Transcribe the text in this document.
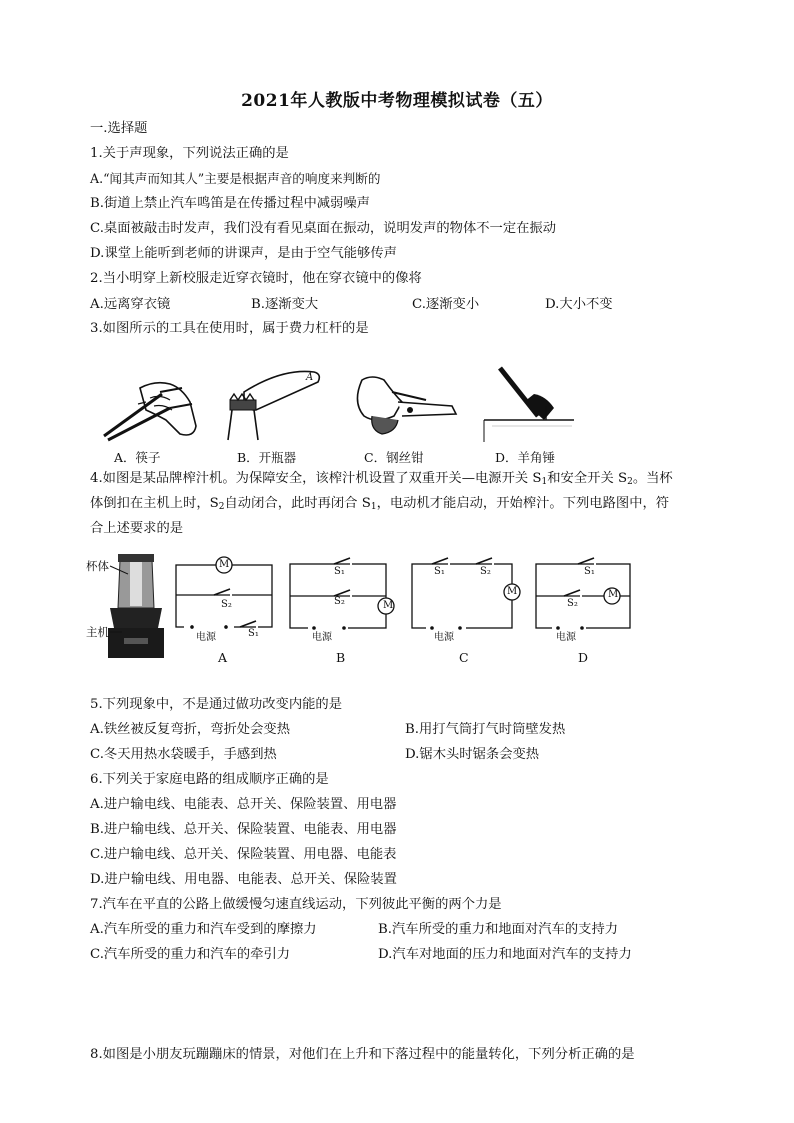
2021年人教版中考物理模拟试卷（五）
一.选择题
1.关于声现象，下列说法正确的是
A.“闻其声而知其人”主要是根据声音的响度来判断的
B.街道上禁止汽车鸣笛是在传播过程中减弱噪声
C.桌面被敲击时发声，我们没有看见桌面在振动，说明发声的物体不一定在振动
D.课堂上能听到老师的讲课声，是由于空气能够传声
2.当小明穿上新校服走近穿衣镜时，他在穿衣镜中的像将
A.远离穿衣镜	B.逐渐变大	C.逐渐变小	D.大小不变
3.如图所示的工具在使用时，属于费力杠杆的是
A
A．筷子	B．开瓶器	C．钢丝钳	D．羊角锤
4.如图是某品牌榨汁机。为保障安全，该榨汁机设置了双重开关—电源开关 $S_1$和安全开关 $S_2$。当杯
体倒扣在主机上时，$S_2$自动闭合，此时再闭合 $S_1$，电动机才能启动，开始榨汁。下列电路图中，符
合上述要求的是
杯体
主机
M
S₂
电源	S₁
S₁
S₂	M
电源
S₁	S₂
M
电源
S₁
S₂
M
电源
A	B	C	D
5.下列现象中，不是通过做功改变内能的是
A.铁丝被反复弯折，弯折处会变热	B.用打气筒打气时筒壁发热
C.冬天用热水袋暖手，手感到热	D.锯木头时锯条会变热
6.下列关于家庭电路的组成顺序正确的是
A.进户输电线、电能表、总开关、保险装置、用电器
B.进户输电线、总开关、保险装置、电能表、用电器
C.进户输电线、总开关、保险装置、用电器、电能表
D.进户输电线、用电器、电能表、总开关、保险装置
7.汽车在平直的公路上做缓慢匀速直线运动，下列彼此平衡的两个力是
A.汽车所受的重力和汽车受到的摩擦力	B.汽车所受的重力和地面对汽车的支持力
C.汽车所受的重力和汽车的牵引力	D.汽车对地面的压力和地面对汽车的支持力
8.如图是小朋友玩蹦蹦床的情景，对他们在上升和下落过程中的能量转化，下列分析正确的是
